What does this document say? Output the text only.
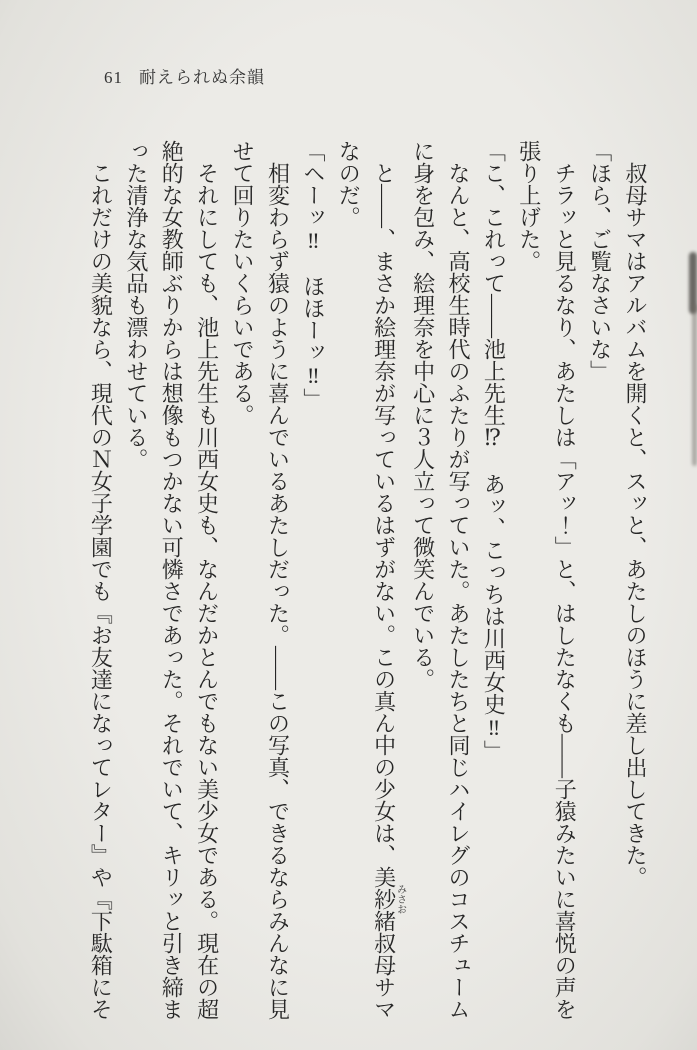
61 耐えられぬ余韻

叔母サマはアルバムを開くと、スッと、あたしのほうに差し出してきた。

「ほら、ご覧なさいな」

チラッと見るなり、あたしは「アッ！」と、はしたなくも――子猿みたいに喜悦の声を張り上げた。

「こ、これって――池上先生⁉　あッ、こっちは川西女史‼」

なんと、高校生時代のふたりが写っていた。あたしたちと同じハイレグのコスチュームに身を包み、絵理奈を中心に３人立って微笑んでいる。

と――、まさか絵理奈が写っているはずがない。この真ん中の少女は、美紗緒みさお叔母サマなのだ。

「ヘーッ‼　ほほーッ‼」

相変わらず猿のように喜んでいるあたしだった。――この写真、できるならみんなに見せて回りたいくらいである。

それにしても、池上先生も川西女史も、なんだかとんでもない美少女である。現在の超絶的な女教師ぶりからは想像もつかない可憐さであった。それでいて、キリッと引き締まった清浄な気品も漂わせている。

これだけの美貌なら、現代のＮ女子学園でも『お友達になってレター』や『下駄箱にそ
